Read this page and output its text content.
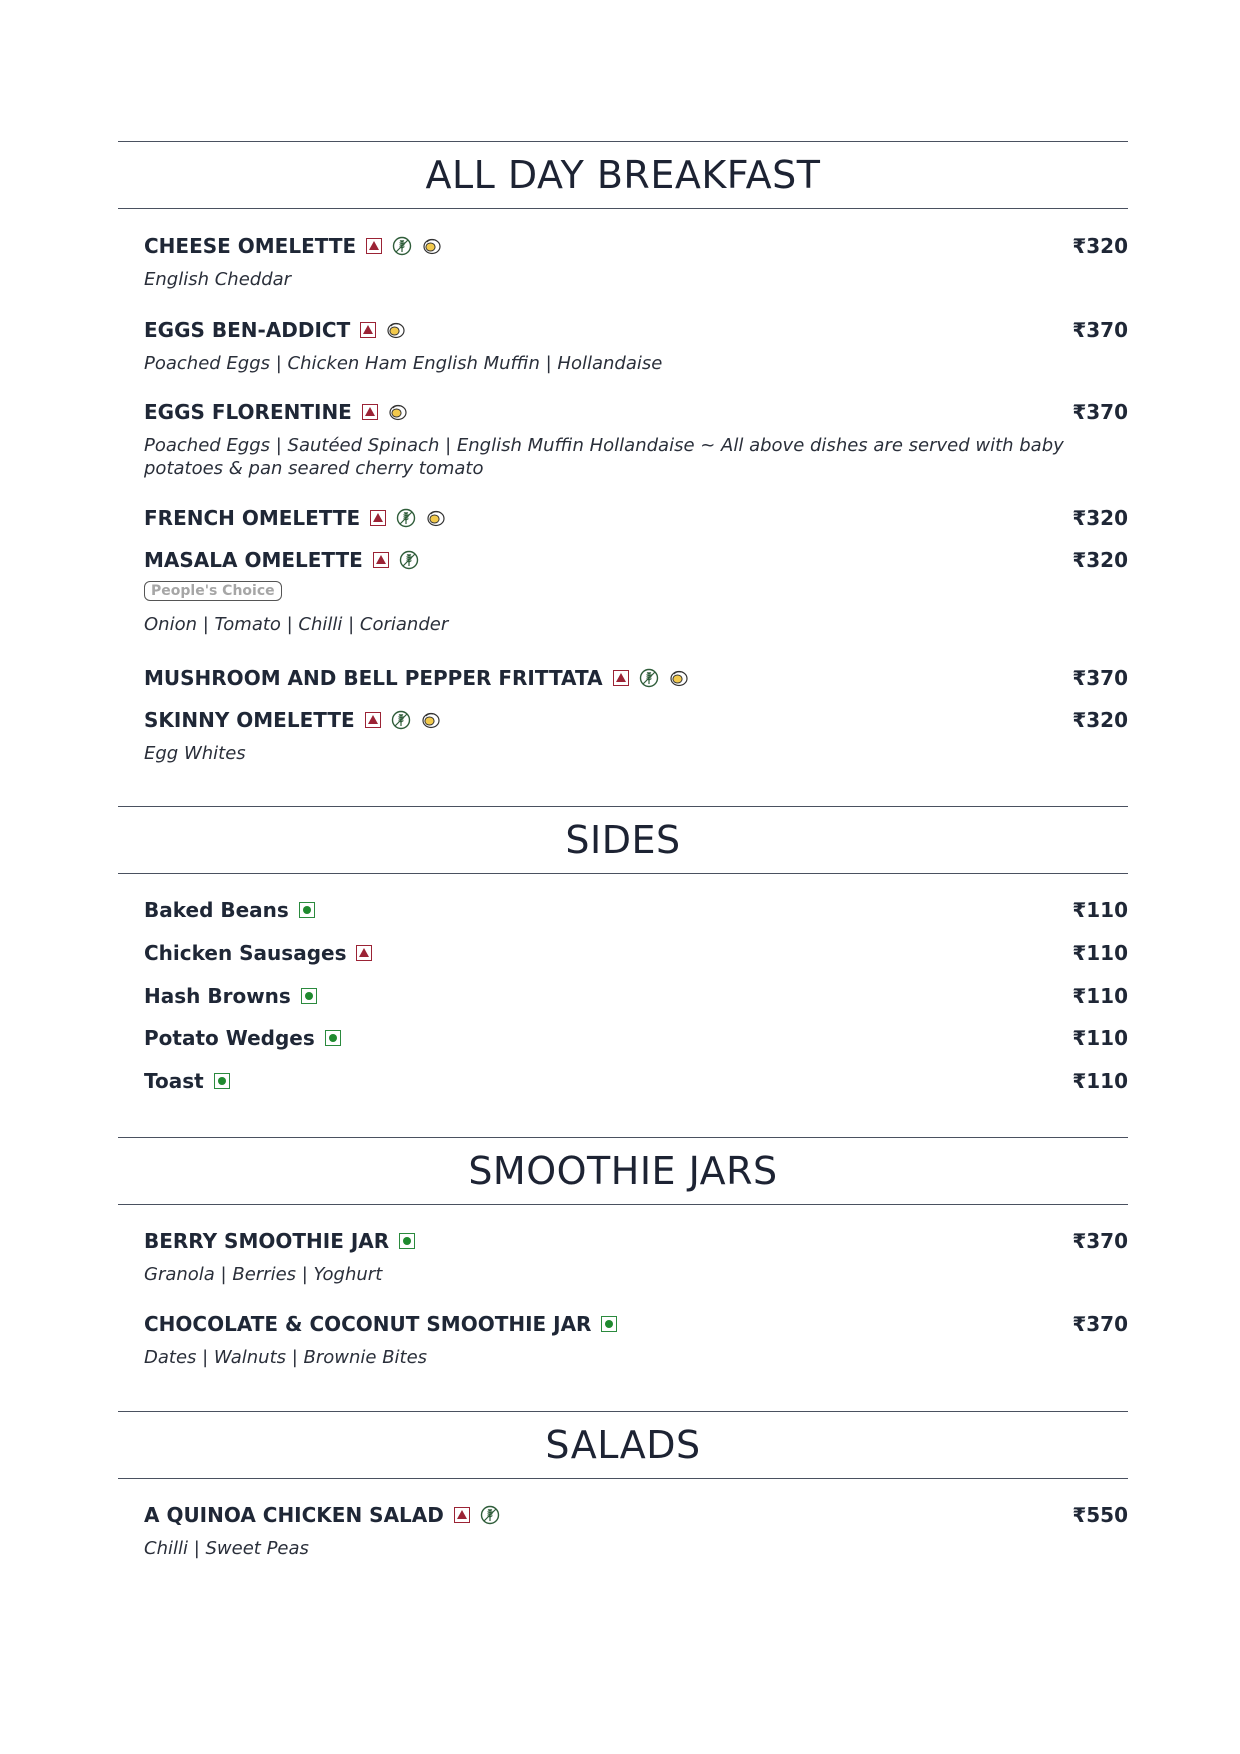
ALL DAY BREAKFAST
CHEESE OMELETTE	₹320
English Cheddar
EGGS BEN-ADDICT	₹370
Poached Eggs | Chicken Ham English Muffin | Hollandaise
EGGS FLORENTINE	₹370
Poached Eggs | Sautéed Spinach | English Muffin Hollandaise ~ All above dishes are served with baby potatoes & pan seared cherry tomato
FRENCH OMELETTE	₹320
MASALA OMELETTE	₹320
People's Choice
Onion | Tomato | Chilli | Coriander
MUSHROOM AND BELL PEPPER FRITTATA	₹370
SKINNY OMELETTE	₹320
Egg Whites
SIDES
Baked Beans	₹110
Chicken Sausages	₹110
Hash Browns	₹110
Potato Wedges	₹110
Toast	₹110
SMOOTHIE JARS
BERRY SMOOTHIE JAR	₹370
Granola | Berries | Yoghurt
CHOCOLATE & COCONUT SMOOTHIE JAR	₹370
Dates | Walnuts | Brownie Bites
SALADS
A QUINOA CHICKEN SALAD	₹550
Chilli | Sweet Peas
